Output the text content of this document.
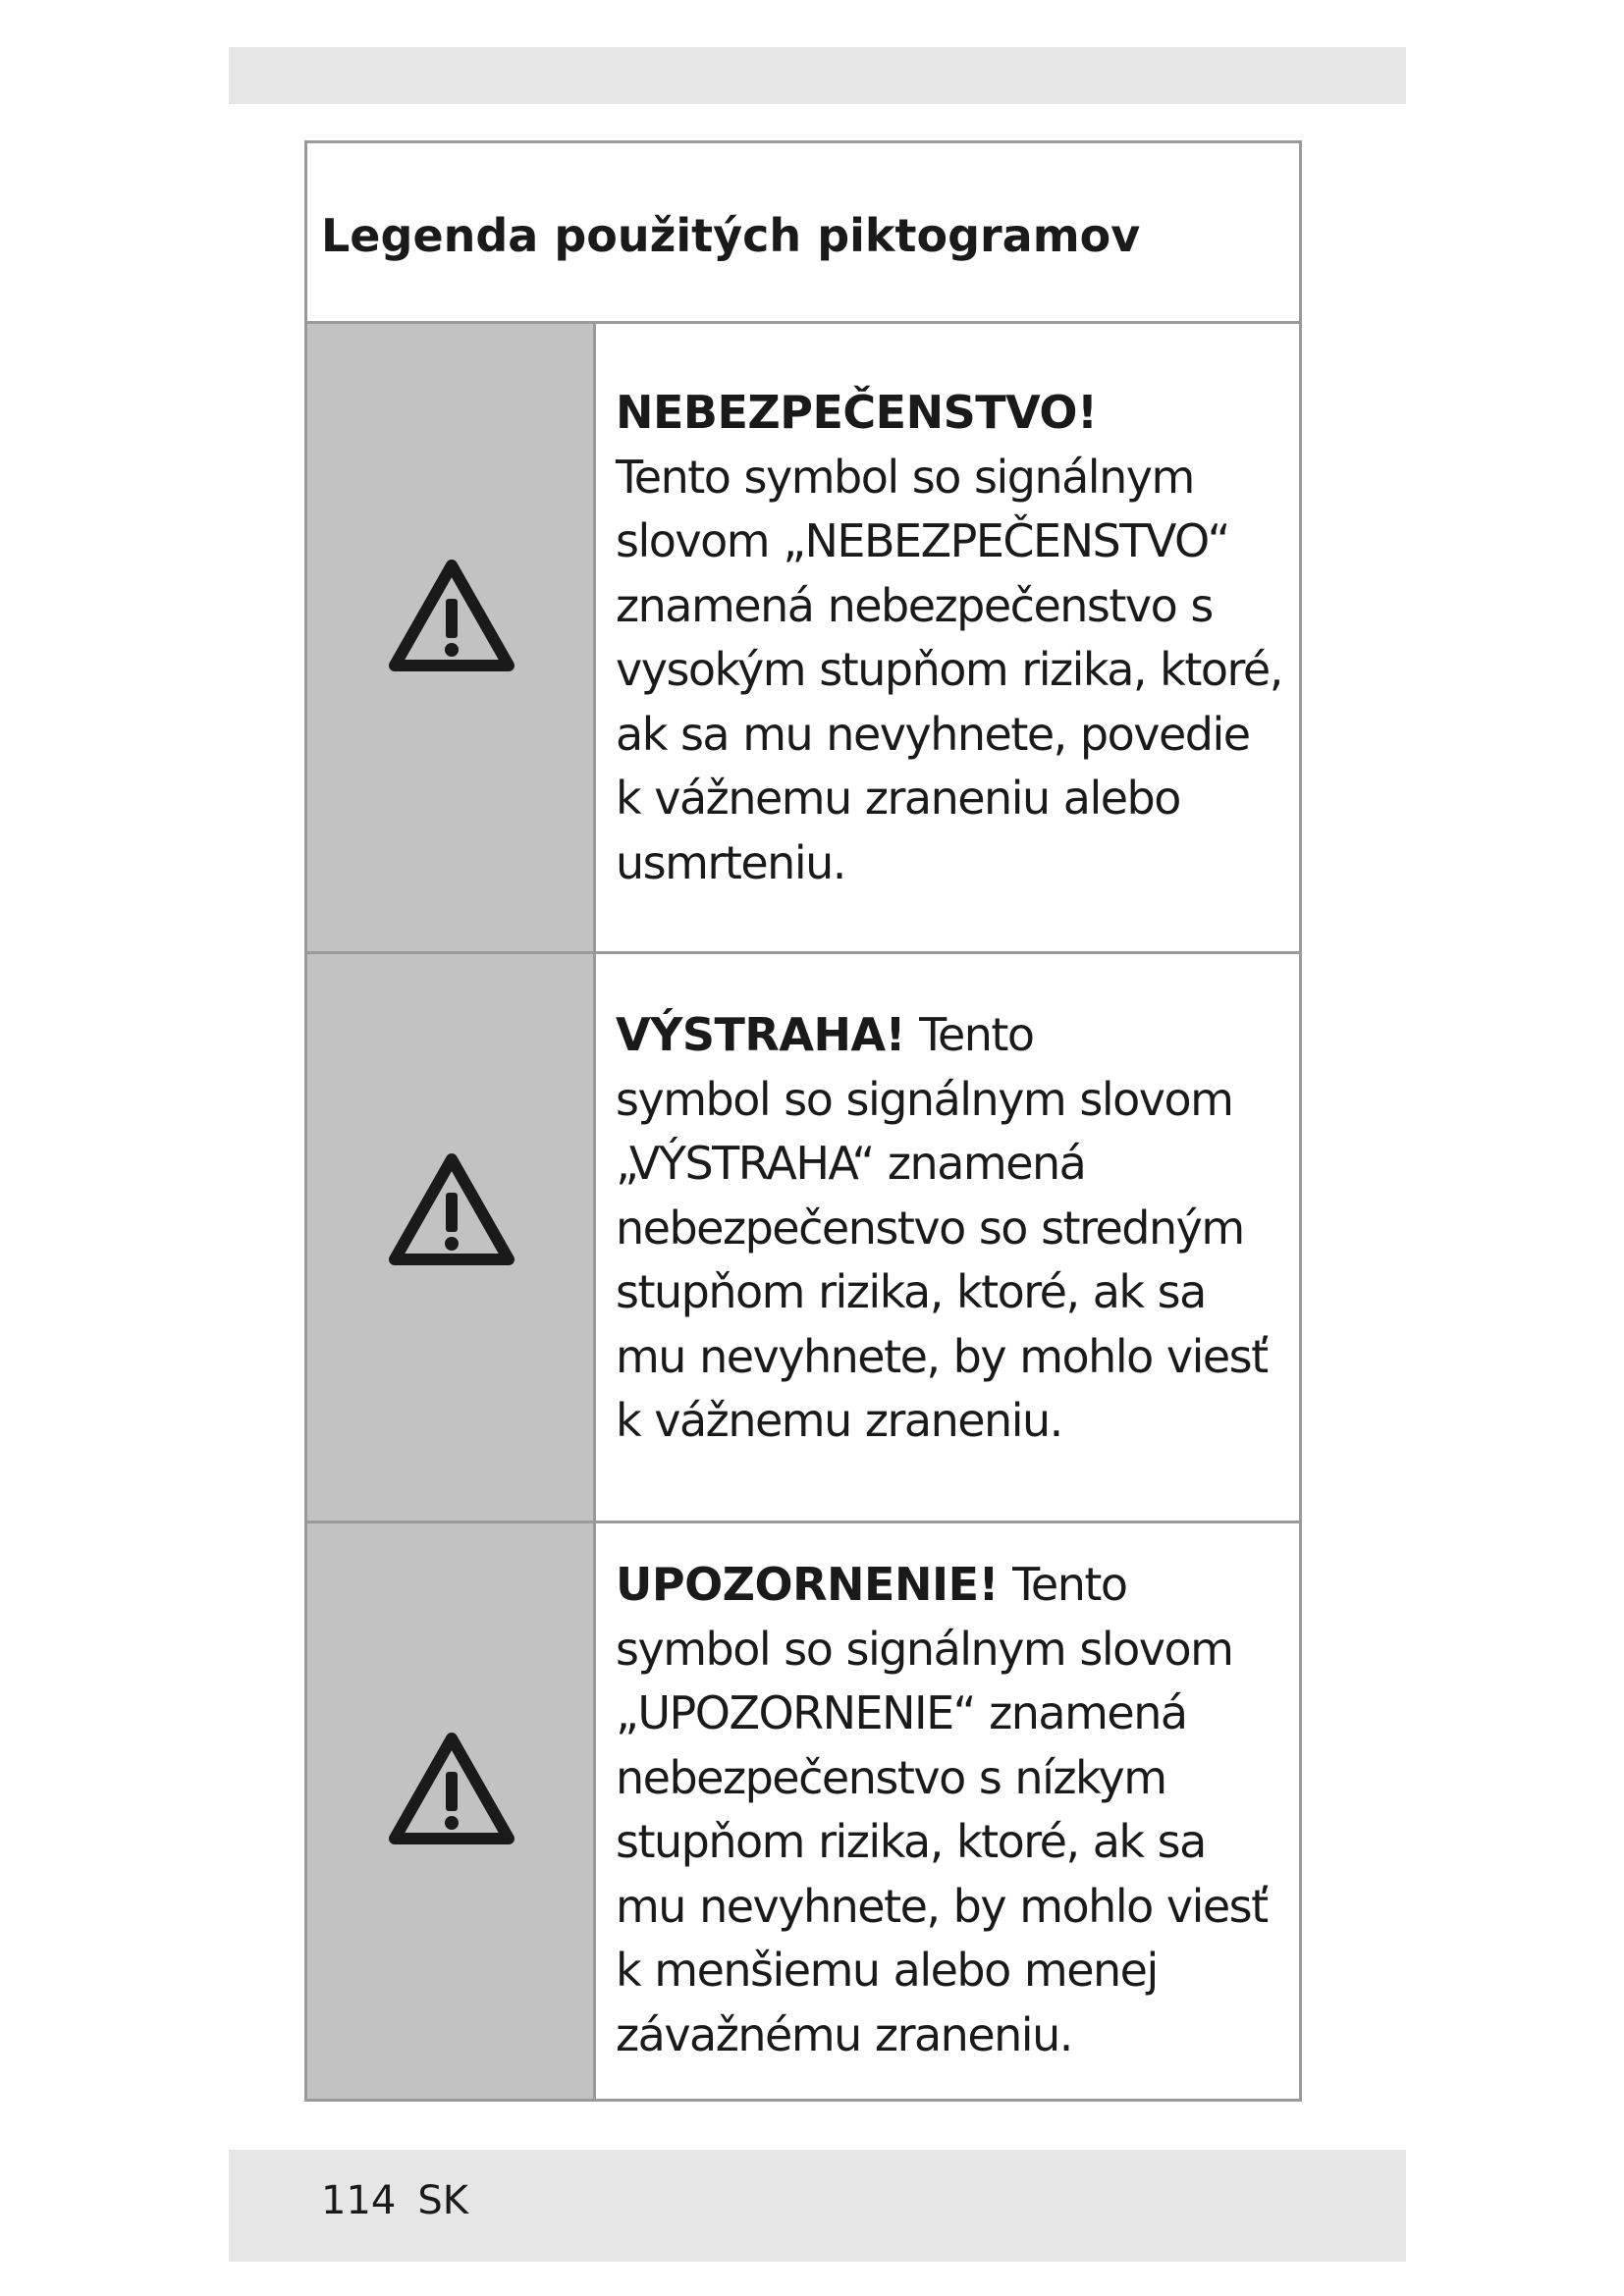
Legenda použitých piktogramov

NEBEZPEČENSTVO!
Tento symbol so signálnym
slovom „NEBEZPEČENSTVO“
znamená nebezpečenstvo s
vysokým stupňom rizika, ktoré,
ak sa mu nevyhnete, povedie
k vážnemu zraneniu alebo
usmrteniu.

VÝSTRAHA! Tento
symbol so signálnym slovom
„VÝSTRAHA“ znamená
nebezpečenstvo so stredným
stupňom rizika, ktoré, ak sa
mu nevyhnete, by mohlo viesť
k vážnemu zraneniu.

UPOZORNENIE! Tento
symbol so signálnym slovom
„UPOZORNENIE“ znamená
nebezpečenstvo s nízkym
stupňom rizika, ktoré, ak sa
mu nevyhnete, by mohlo viesť
k menšiemu alebo menej
závažnému zraneniu.

114 SK
